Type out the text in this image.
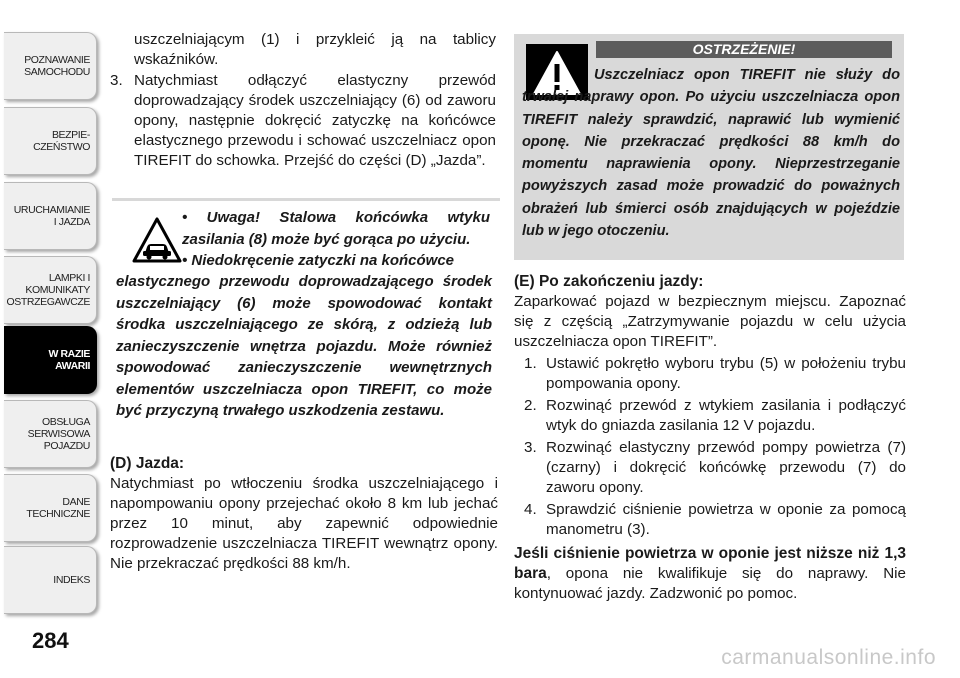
POZNAWANIE
SAMOCHODU
BEZPIE-
CZEŃSTWO
URUCHAMIANIE
I JAZDA
LAMPKI I
KOMUNIKATY
OSTRZEGAWCZE
W RAZIE
AWARII
OBSŁUGA
SERWISOWA
POJAZDU
DANE
TECHNICZNE
INDEKS
284

uszczelniającym (1) i przykleić ją na tablicy wskaźników.

3. Natychmiast odłączyć elastyczny przewód doprowadzający środek uszczelniający (6) od zaworu opony, następnie dokręcić zatyczkę na końcówce elastycznego przewodu i schować uszczelniacz opon TIREFIT do schowka. Przejść do części (D) „Jazda”.

• Uwaga! Stalowa końcówka wtyku zasilania (8) może być gorąca po użyciu.
• Niedokręcenie zatyczki na końcówce
elastycznego przewodu doprowadzającego środek uszczelniający (6) może spowodować kontakt środka uszczelniającego ze skórą, z odzieżą lub zanieczyszczenie wnętrza pojazdu. Może również spowodować zanieczyszczenie wewnętrznych elementów uszczelniacza opon TIREFIT, co może być przyczyną trwałego uszkodzenia zestawu.

(D) Jazda:

Natychmiast po wtłoczeniu środka uszczelniającego i napompowaniu opony przejechać około 8 km lub jechać przez 10 minut, aby zapewnić odpowiednie rozprowadzenie uszczelniacza TIREFIT wewnątrz opony. Nie przekraczać prędkości 88 km/h.

OSTRZEŻENIE!
Uszczelniacz opon TIREFIT nie służy do trwałej naprawy opon. Po użyciu uszczelniacza opon TIREFIT należy sprawdzić, naprawić lub wymienić oponę. Nie przekraczać prędkości 88 km/h do momentu naprawienia opony. Nieprzestrzeganie powyższych zasad może prowadzić do poważnych obrażeń lub śmierci osób znajdujących w pojeździe lub w jego otoczeniu.

(E) Po zakończeniu jazdy:

Zaparkować pojazd w bezpiecznym miejscu. Zapoznać się z częścią „Zatrzymywanie pojazdu w celu użycia uszczelniacza opon TIREFIT”.

1. Ustawić pokrętło wyboru trybu (5) w położeniu trybu pompowania opony.

2. Rozwinąć przewód z wtykiem zasilania i podłączyć wtyk do gniazda zasilania 12 V pojazdu.

3. Rozwinąć elastyczny przewód pompy powietrza (7) (czarny) i dokręcić końcówkę przewodu (7) do zaworu opony.

4. Sprawdzić ciśnienie powietrza w oponie za pomocą manometru (3).

Jeśli ciśnienie powietrza w oponie jest niższe niż 1,3 bara, opona nie kwalifikuje się do naprawy. Nie kontynuować jazdy. Zadzwonić po pomoc.

carmanualsonline.info
